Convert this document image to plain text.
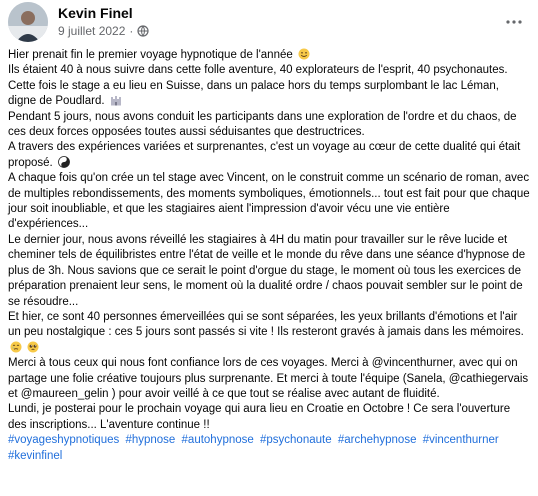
Kevin Finel
9 juillet 2022 ·

Hier prenait fin le premier voyage hypnotique de l'année

Ils étaient 40 à nous suivre dans cette folle aventure, 40 explorateurs de l'esprit, 40 psychonautes.

Cette fois le stage a eu lieu en Suisse, dans un palace hors du temps surplombant le lac Léman, digne de Poudlard.

Pendant 5 jours, nous avons conduit les participants dans une exploration de l'ordre et du chaos, de ces deux forces opposées toutes aussi séduisantes que destructrices.

A travers des expériences variées et surprenantes, c'est un voyage au cœur de cette dualité qui était proposé.

A chaque fois qu'on crée un tel stage avec Vincent, on le construit comme un scénario de roman, avec de multiples rebondissements, des moments symboliques, émotionnels... tout est fait pour que chaque jour soit inoubliable, et que les stagiaires aient l'impression d'avoir vécu une vie entière d'expériences...

Le dernier jour, nous avons réveillé les stagiaires à 4H du matin pour travailler sur le rêve lucide et cheminer tels de équilibristes entre l'état de veille et le monde du rêve dans une séance d'hypnose de plus de 3h. Nous savions que ce serait le point d'orgue du stage, le moment où tous les exercices de préparation prenaient leur sens, le moment où la dualité ordre / chaos pouvait sembler sur le point de se résoudre...

Et hier, ce sont 40 personnes émerveillées qui se sont séparées, les yeux brillants d'émotions et l'air un peu nostalgique : ces 5 jours sont passés si vite ! Ils resteront gravés à jamais dans les mémoires.

Merci à tous ceux qui nous font confiance lors de ces voyages. Merci à @vincenthurner, avec qui on partage une folie créative toujours plus surprenante. Et merci à toute l'équipe (Sanela, @cathiegervais et @maureen_gelin ) pour avoir veillé à ce que tout se réalise avec autant de fluidité.

Lundi, je posterai pour le prochain voyage qui aura lieu en Croatie en Octobre ! Ce sera l'ouverture des inscriptions... L'aventure continue !!

#voyageshypnotiques #hypnose #autohypnose #psychonaute #archehypnose #vincenthurner #kevinfinel
